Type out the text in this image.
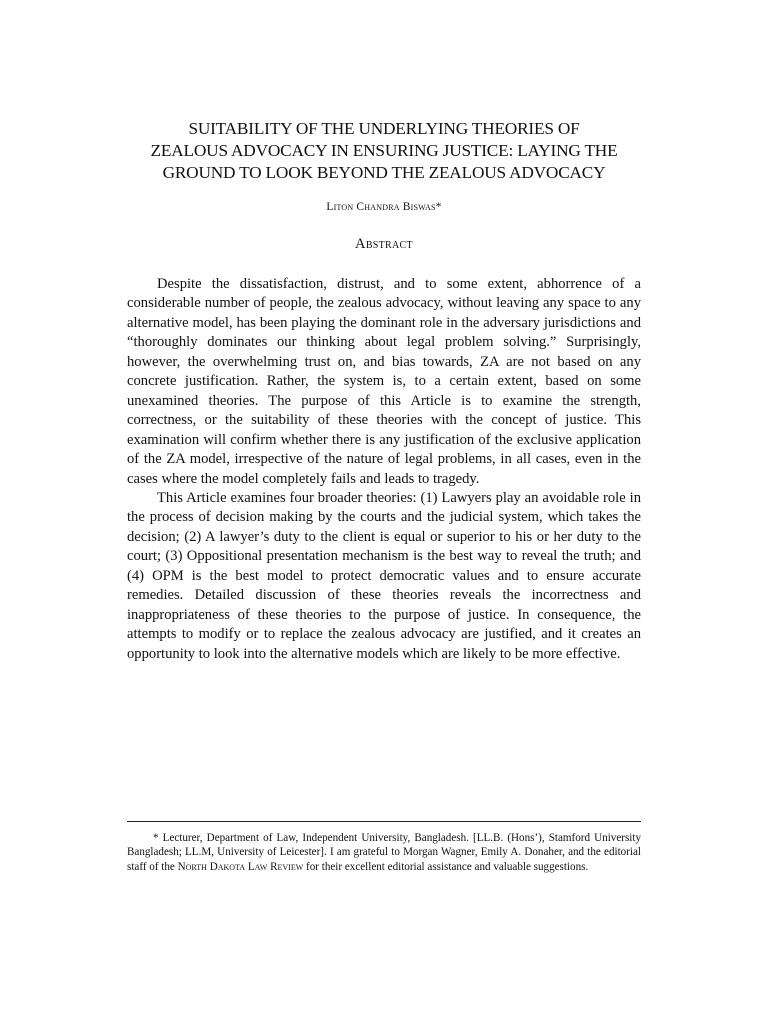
SUITABILITY OF THE UNDERLYING THEORIES OF
ZEALOUS ADVOCACY IN ENSURING JUSTICE: LAYING THE
GROUND TO LOOK BEYOND THE ZEALOUS ADVOCACY
Liton Chandra Biswas*
Abstract

Despite the dissatisfaction, distrust, and to some extent, abhorrence of a considerable number of people, the zealous advocacy, without leaving any space to any alternative model, has been playing the dominant role in the adversary jurisdictions and “thoroughly dominates our thinking about legal problem solving.” Surprisingly, however, the overwhelming trust on, and bias towards, ZA are not based on any concrete justification. Rather, the system is, to a certain extent, based on some unexamined theories. The purpose of this Article is to examine the strength, correctness, or the suitability of these theories with the concept of justice. This examination will confirm whether there is any justification of the exclusive application of the ZA model, irrespective of the nature of legal problems, in all cases, even in the cases where the model completely fails and leads to tragedy.

This Article examines four broader theories: (1) Lawyers play an avoidable role in the process of decision making by the courts and the judicial system, which takes the decision; (2) A lawyer’s duty to the client is equal or superior to his or her duty to the court; (3) Oppositional presentation mechanism is the best way to reveal the truth; and (4) OPM is the best model to protect democratic values and to ensure accurate remedies. Detailed discussion of these theories reveals the incorrectness and inappropriateness of these theories to the purpose of justice. In consequence, the attempts to modify or to replace the zealous advocacy are justified, and it creates an opportunity to look into the alternative models which are likely to be more effective.

* Lecturer, Department of Law, Independent University, Bangladesh. [LL.B. (Hons’), Stamford University Bangladesh; LL.M, University of Leicester]. I am grateful to Morgan Wagner, Emily A. Donaher, and the editorial staff of the North Dakota Law Review for their excellent editorial assistance and valuable suggestions.
